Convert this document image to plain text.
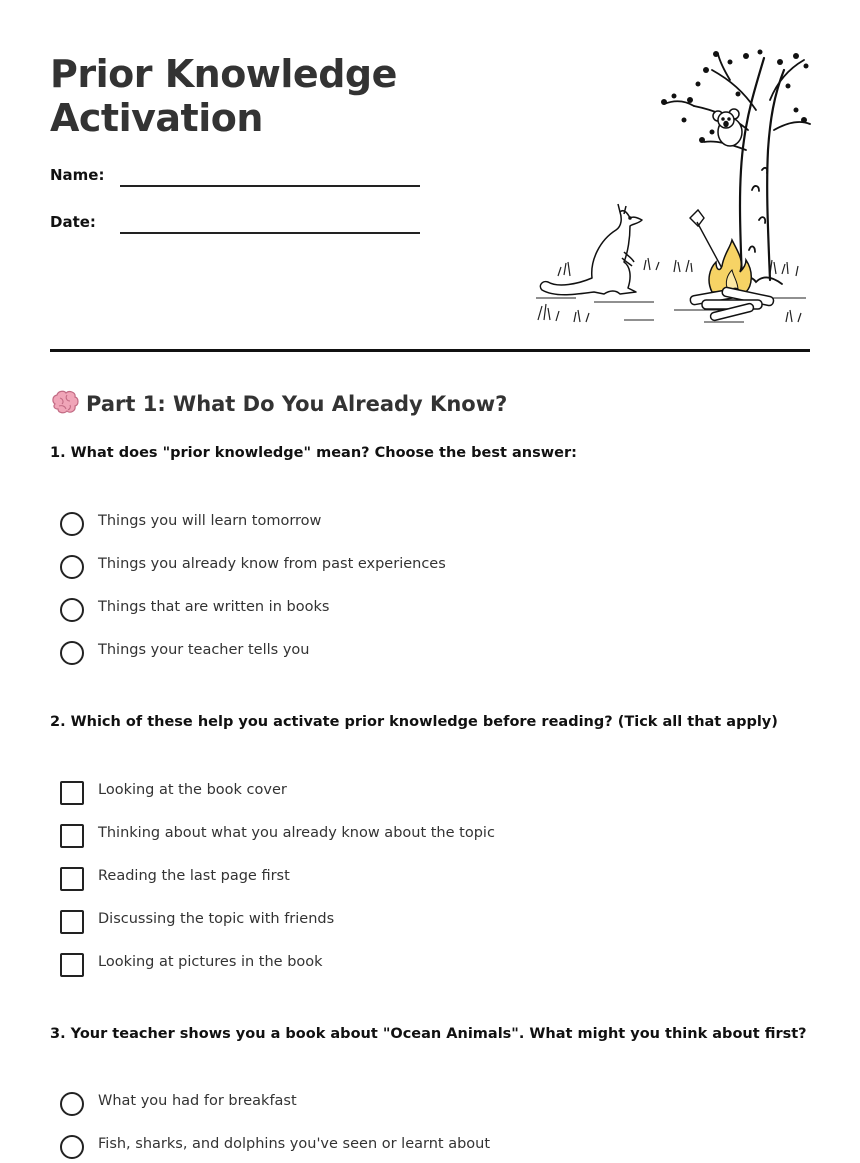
Prior Knowledge
Activation
Name:
Date:
Part 1: What Do You Already Know?
1. What does "prior knowledge" mean? Choose the best answer:
Things you will learn tomorrow
Things you already know from past experiences
Things that are written in books
Things your teacher tells you
2. Which of these help you activate prior knowledge before reading? (Tick all that apply)
Looking at the book cover
Thinking about what you already know about the topic
Reading the last page first
Discussing the topic with friends
Looking at pictures in the book
3. Your teacher shows you a book about "Ocean Animals". What might you think about first?
What you had for breakfast
Fish, sharks, and dolphins you've seen or learnt about
